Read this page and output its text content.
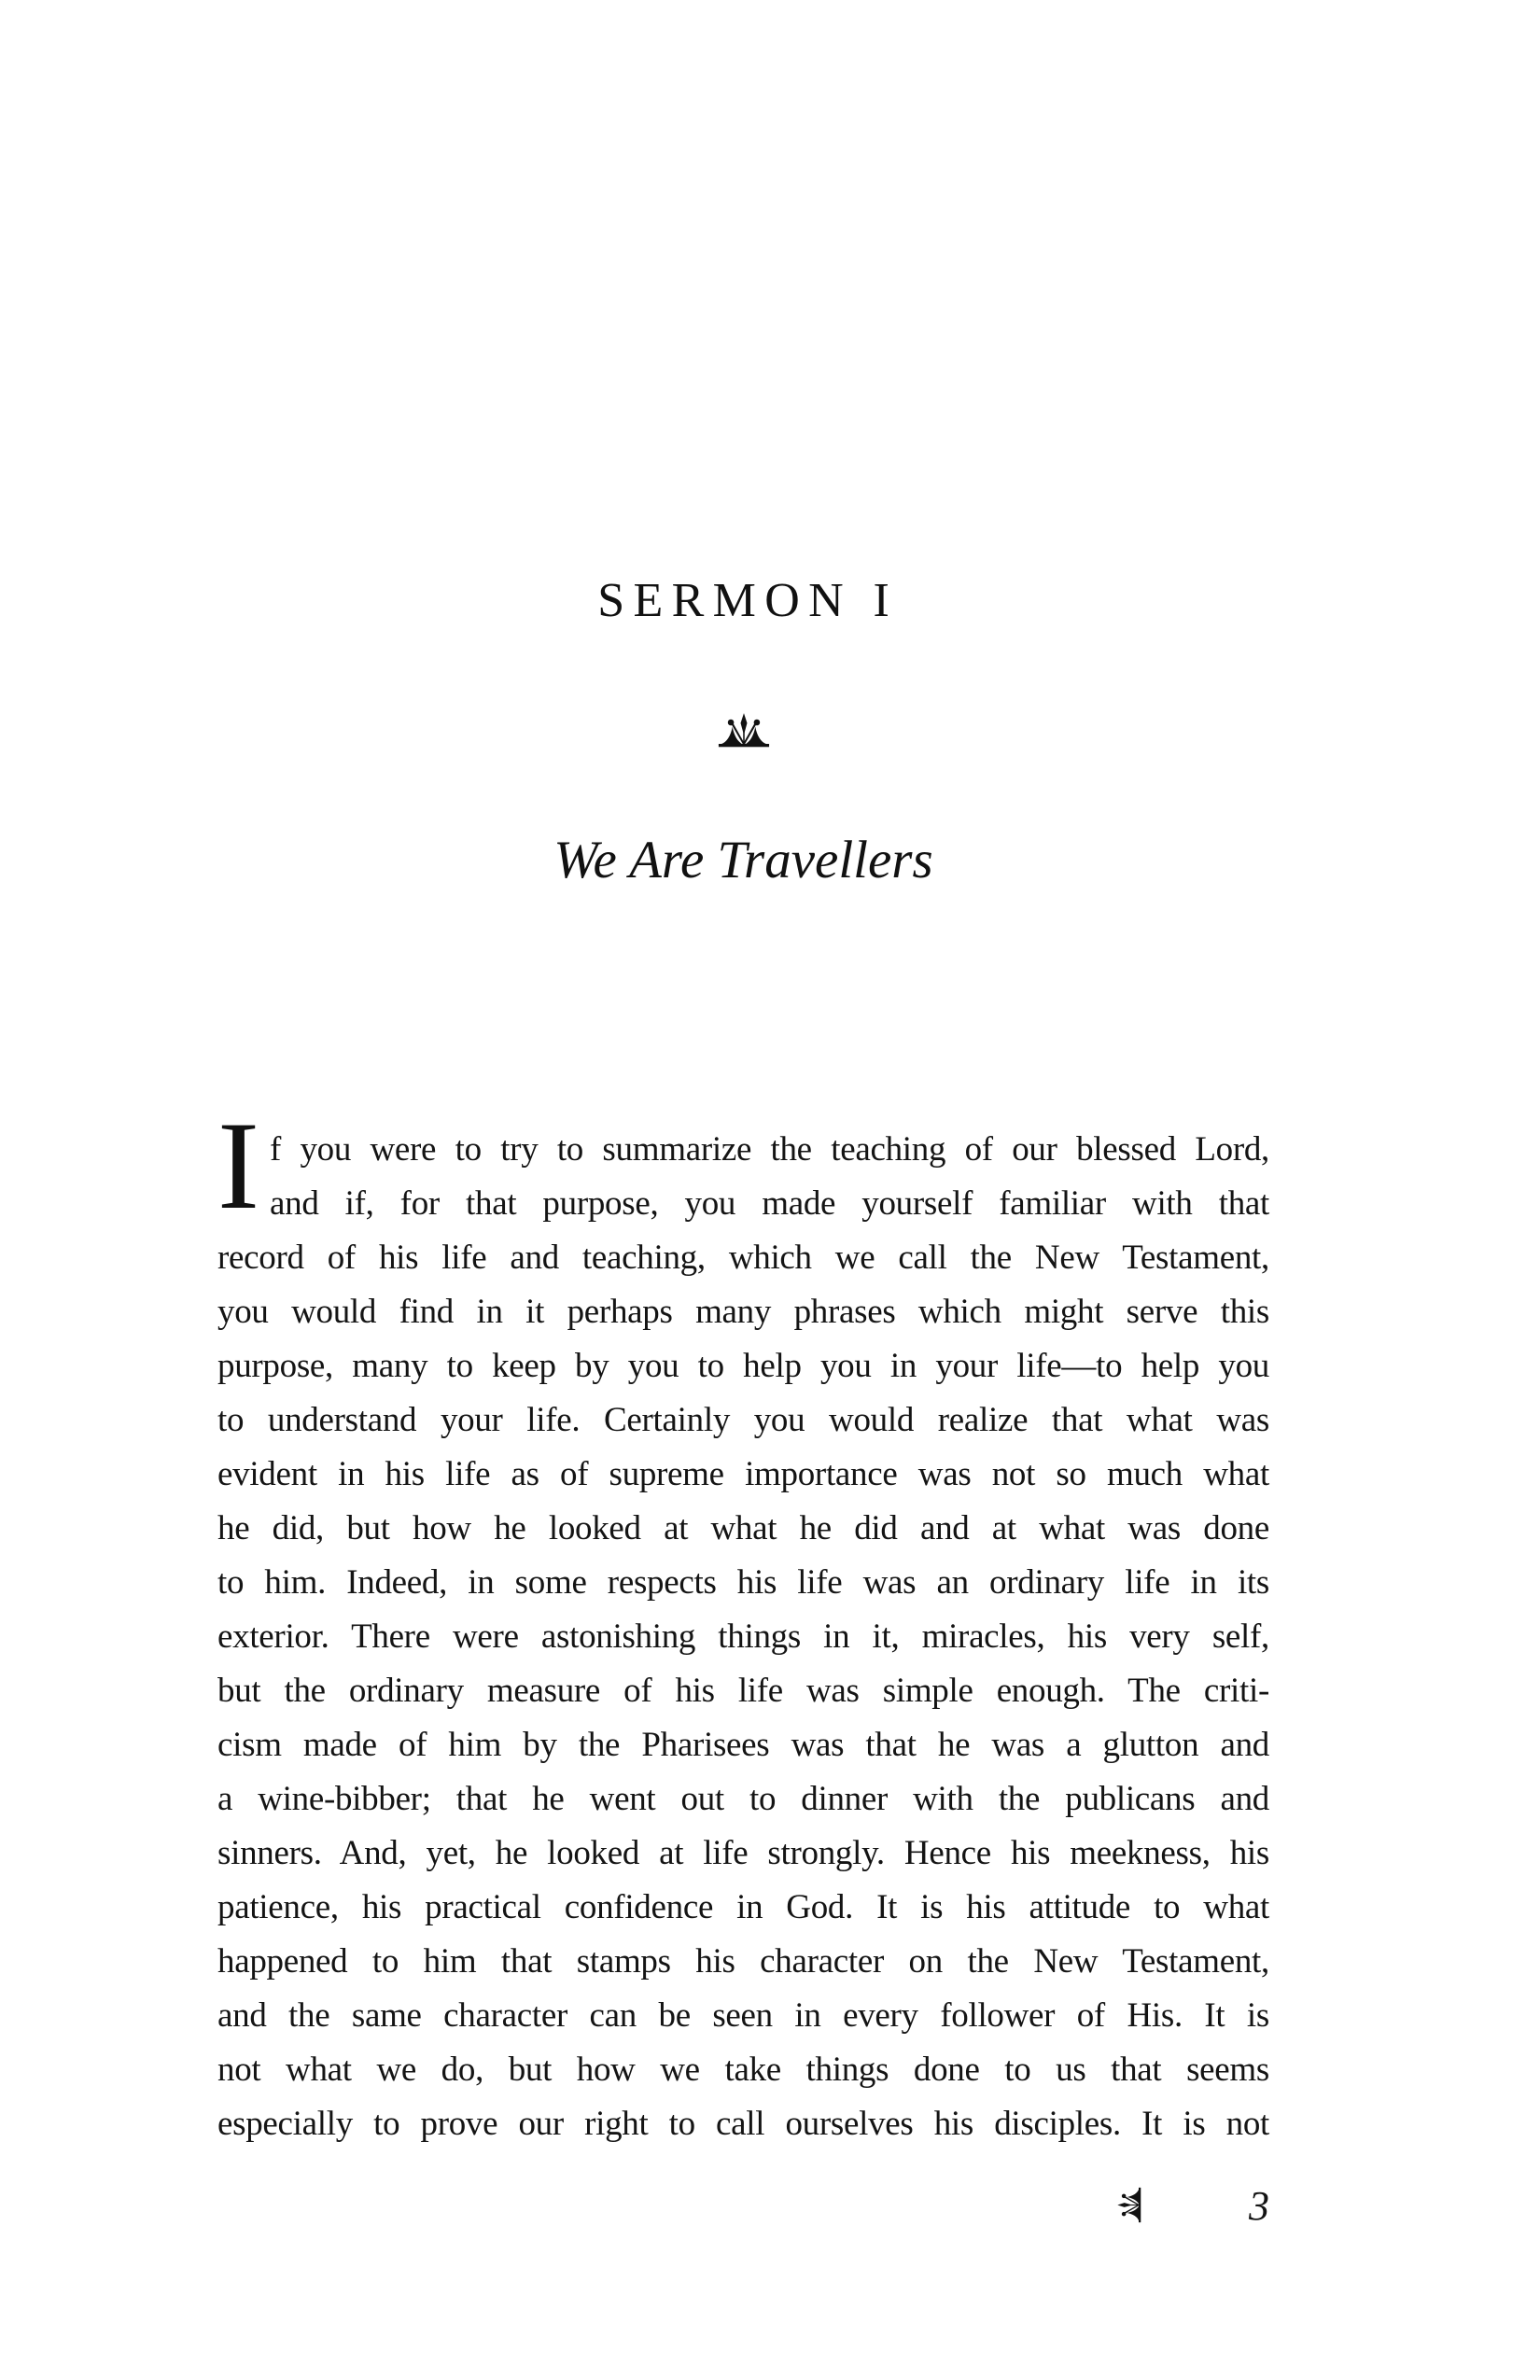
SERMON I
We Are Travellers
I f you were to try to summarize the teaching of our blessed Lord,
and if, for that purpose, you made yourself familiar with that
record of his life and teaching, which we call the New Testament,
you would find in it perhaps many phrases which might serve this
purpose, many to keep by you to help you in your life—to help you
to understand your life. Certainly you would realize that what was
evident in his life as of supreme importance was not so much what
he did, but how he looked at what he did and at what was done
to him. Indeed, in some respects his life was an ordinary life in its
exterior. There were astonishing things in it, miracles, his very self,
but the ordinary measure of his life was simple enough. The criti-
cism made of him by the Pharisees was that he was a glutton and
a wine-bibber; that he went out to dinner with the publicans and
sinners. And, yet, he looked at life strongly. Hence his meekness, his
patience, his practical confidence in God. It is his attitude to what
happened to him that stamps his character on the New Testament,
and the same character can be seen in every follower of His. It is
not what we do, but how we take things done to us that seems
especially to prove our right to call ourselves his disciples. It is not
3
